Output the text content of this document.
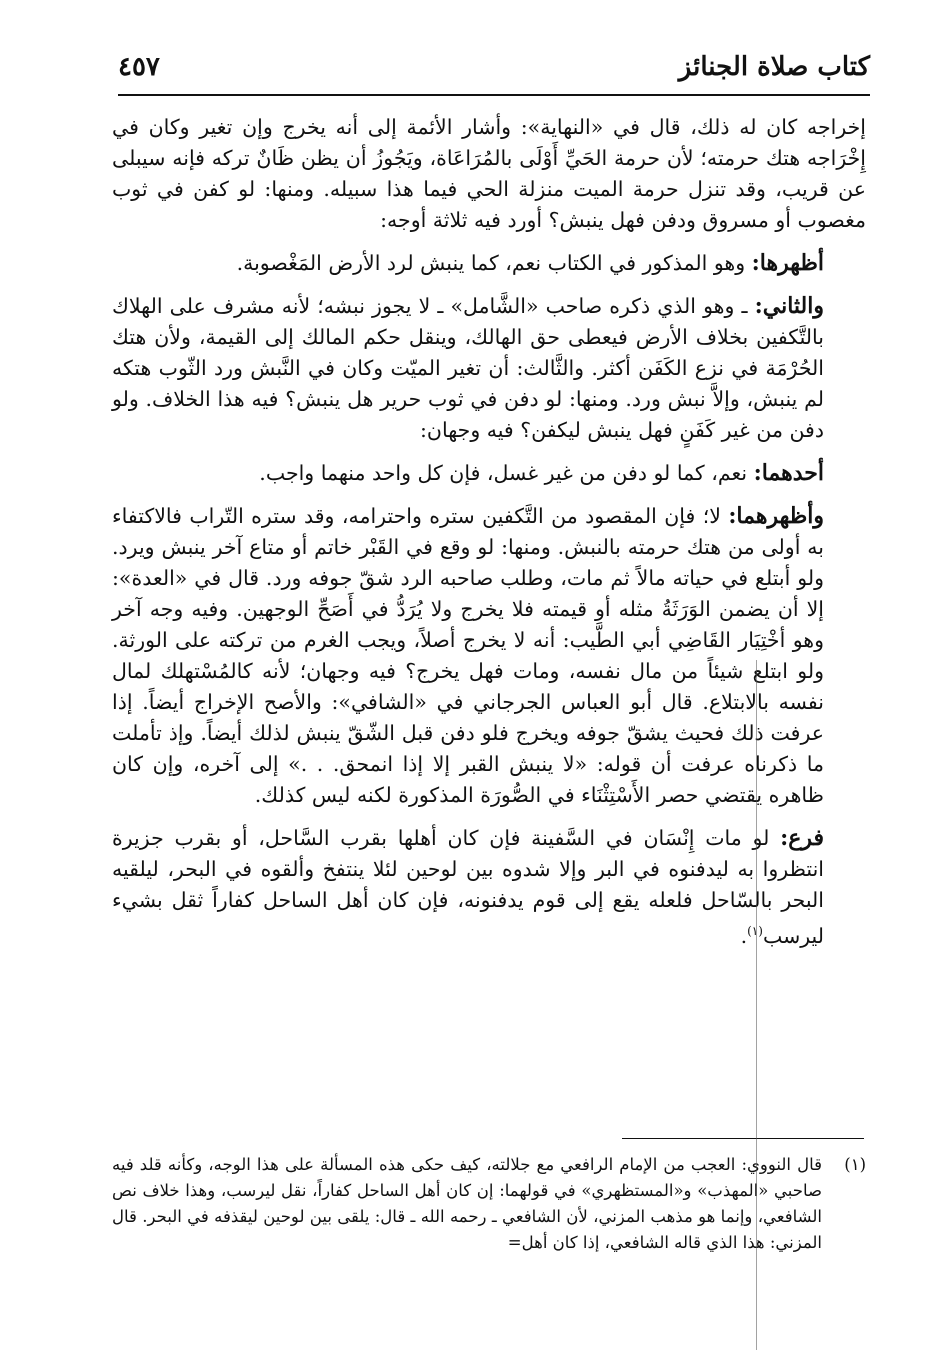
كتاب صلاة الجنائز
٤٥٧

إخراجه كان له ذلك، قال في «النهاية»: وأشار الأئمة إلى أنه يخرج وإن تغير وكان في إِخْرَاجه هتك حرمته؛ لأن حرمة الحَيِّ أَوْلَى بالمُرَاعَاة، ويَجُوزُ أن يظن ظَانٌ تركه فإنه سيبلى عن قريب، وقد تنزل حرمة الميت منزلة الحي فيما هذا سبيله. ومنها: لو كفن في ثوب مغصوب أو مسروق ودفن فهل ينبش؟ أورد فيه ثلاثة أوجه:

أظهرها: وهو المذكور في الكتاب نعم، كما ينبش لرد الأرض المَغْصوبة.

والثاني: ـ وهو الذي ذكره صاحب «الشَّامل» ـ لا يجوز نبشه؛ لأنه مشرف على الهلاك بالتَّكفين بخلاف الأرض فيعطى حق الهالك، وينقل حكم المالك إلى القيمة، ولأن هتك الحُرْمَة في نزع الكَفَن أكثر. والثَّالث: أن تغير الميّت وكان في النَّبش ورد الثّوب هتكه لم ينبش، وإلاَّ نبش ورد. ومنها: لو دفن في ثوب حرير هل ينبش؟ فيه هذا الخلاف. ولو دفن من غير كَفَنٍ فهل ينبش ليكفن؟ فيه وجهان:

أحدهما: نعم، كما لو دفن من غير غسل، فإن كل واحد منهما واجب.

وأظهرهما: لا؛ فإن المقصود من التَّكفين ستره واحترامه، وقد ستره التّراب فالاكتفاء به أولى من هتك حرمته بالنبش. ومنها: لو وقع في القَبْر خاتم أو متاع آخر ينبش ويرد. ولو أبتلع في حياته مالاً ثم مات، وطلب صاحبه الرد شقّ جوفه ورد. قال في «العدة»: إلا أن يضمن الوَرَثَةُ مثله أو قيمته فلا يخرج ولا يُرَدُّ في أَصَحِّ الوجهين. وفيه وجه آخر وهو أخْتِيَار القَاضِي أبي الطَّيب: أنه لا يخرج أصلاً، ويجب الغرم من تركته على الورثة. ولو ابتلع شيئاً من مال نفسه، ومات فهل يخرج؟ فيه وجهان؛ لأنه كالمُسْتهلك لمال نفسه بالابتلاع. قال أبو العباس الجرجاني في «الشافي»: والأصح الإخراج أيضاً. إذا عرفت ذلك فحيث يشقّ جوفه ويخرج فلو دفن قبل الشّقّ ينبش لذلك أيضاً. وإذ تأملت ما ذكرناه عرفت أن قوله: «لا ينبش القبر إلا إذا انمحق. . .» إلى آخره، وإن كان ظاهره يقتضي حصر الأَسْتِثْنَاء في الصُّورَة المذكورة لكنه ليس كذلك.

فرع: لو مات إِنْسَان في السَّفينة فإن كان أهلها بقرب السَّاحل، أو بقرب جزيرة انتظروا به ليدفنوه في البر وإلا شدوه بين لوحين لئلا ينتفخ وألقوه في البحر، ليلقيه البحر بالسّاحل فلعله يقع إلى قوم يدفنونه، فإن كان أهل الساحل كفاراً ثقل بشيء ليرسب$^{(١)}$.

(١)
قال النووي: العجب من الإمام الرافعي مع جلالته، كيف حكى هذه المسألة على هذا الوجه، وكأنه قلد فيه صاحبي «المهذب» و«المستظهري» في قولهما: إن كان أهل الساحل كفاراً، نقل ليرسب، وهذا خلاف نص الشافعي، وإنما هو مذهب المزني، لأن الشافعي ـ رحمه الله ـ قال: يلقى بين لوحين ليقذفه في البحر. قال المزني: هذا الذي قاله الشافعي، إذا كان أهل=
